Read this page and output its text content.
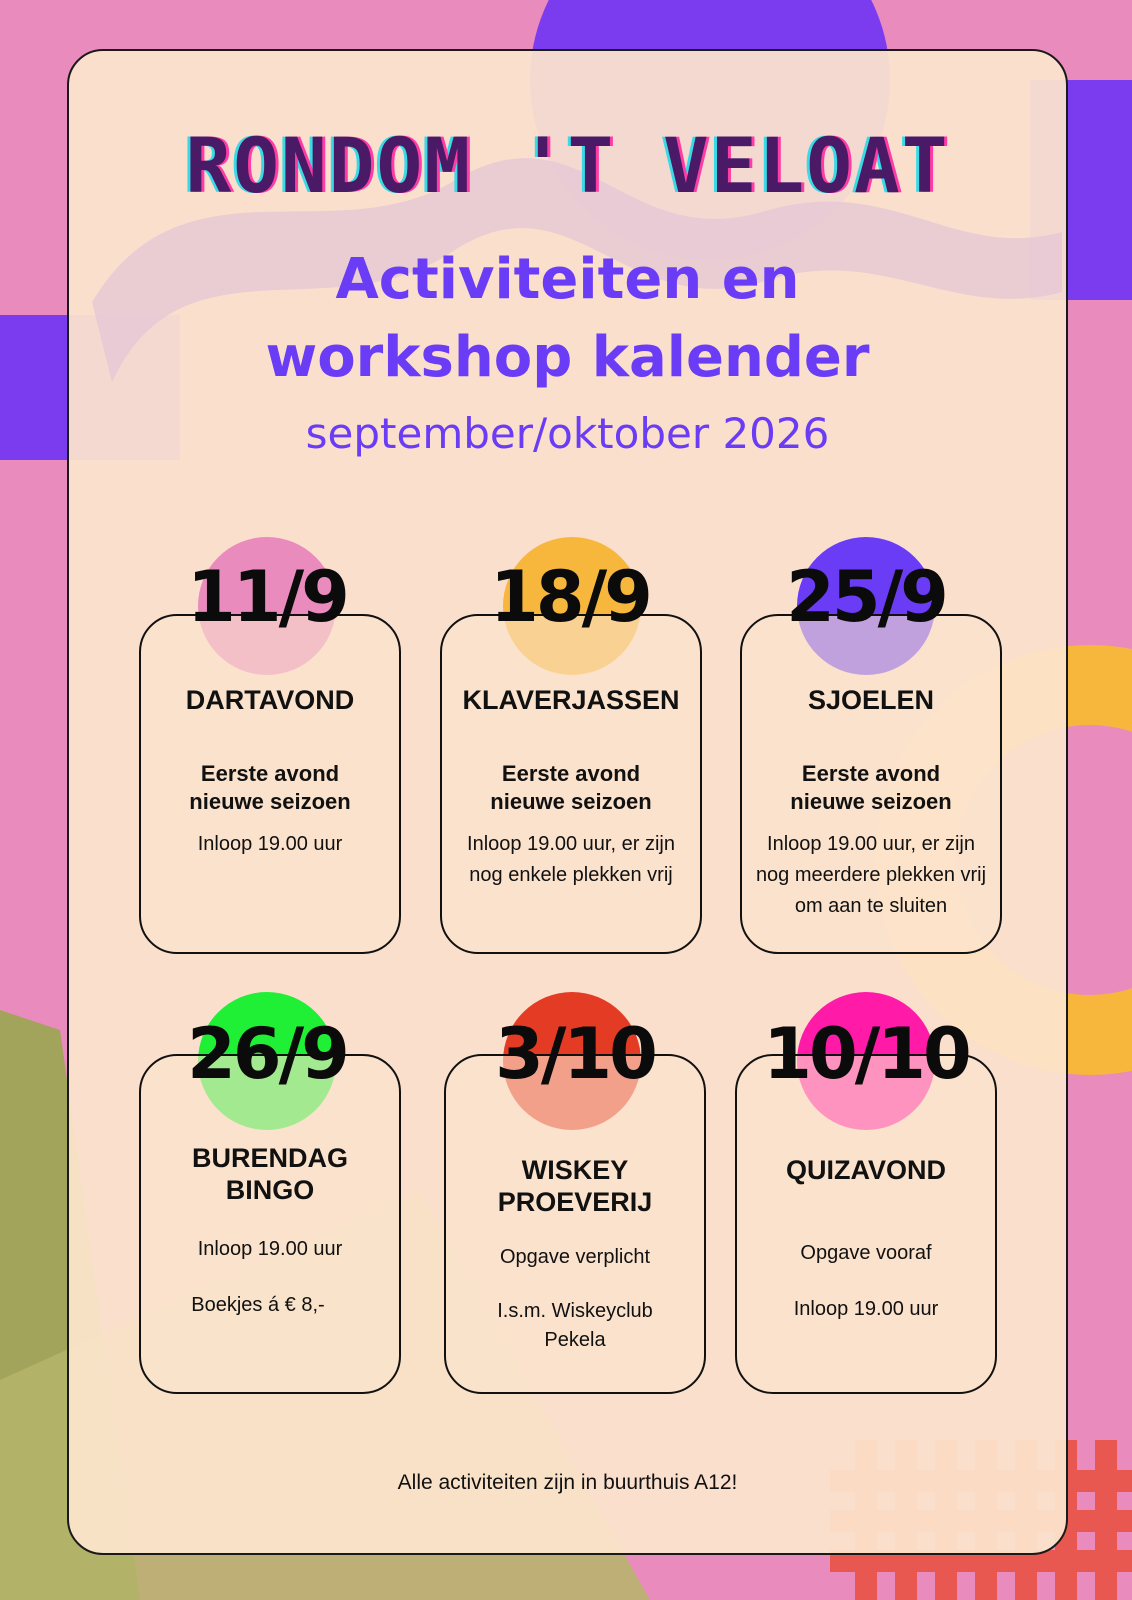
RONDOM 'T VELOAT
Activiteiten en
workshop kalender
september/oktober 2026
DARTAVOND
Eerste avond nieuwe seizoen
Inloop 19.00 uur
11/9
KLAVERJASSEN
Eerste avond nieuwe seizoen
Inloop 19.00 uur, er zijn nog enkele plekken vrij
18/9
SJOELEN
Eerste avond nieuwe seizoen
Inloop 19.00 uur, er zijn nog meerdere plekken vrij om aan te sluiten
25/9
BURENDAG BINGO
Inloop 19.00 uur
Boekjes á € 8,-
26/9
WISKEY PROEVERIJ
Opgave verplicht
I.s.m. Wiskeyclub Pekela
3/10
QUIZAVOND
Opgave vooraf
Inloop 19.00 uur
10/10
Alle activiteiten zijn in buurthuis A12!
